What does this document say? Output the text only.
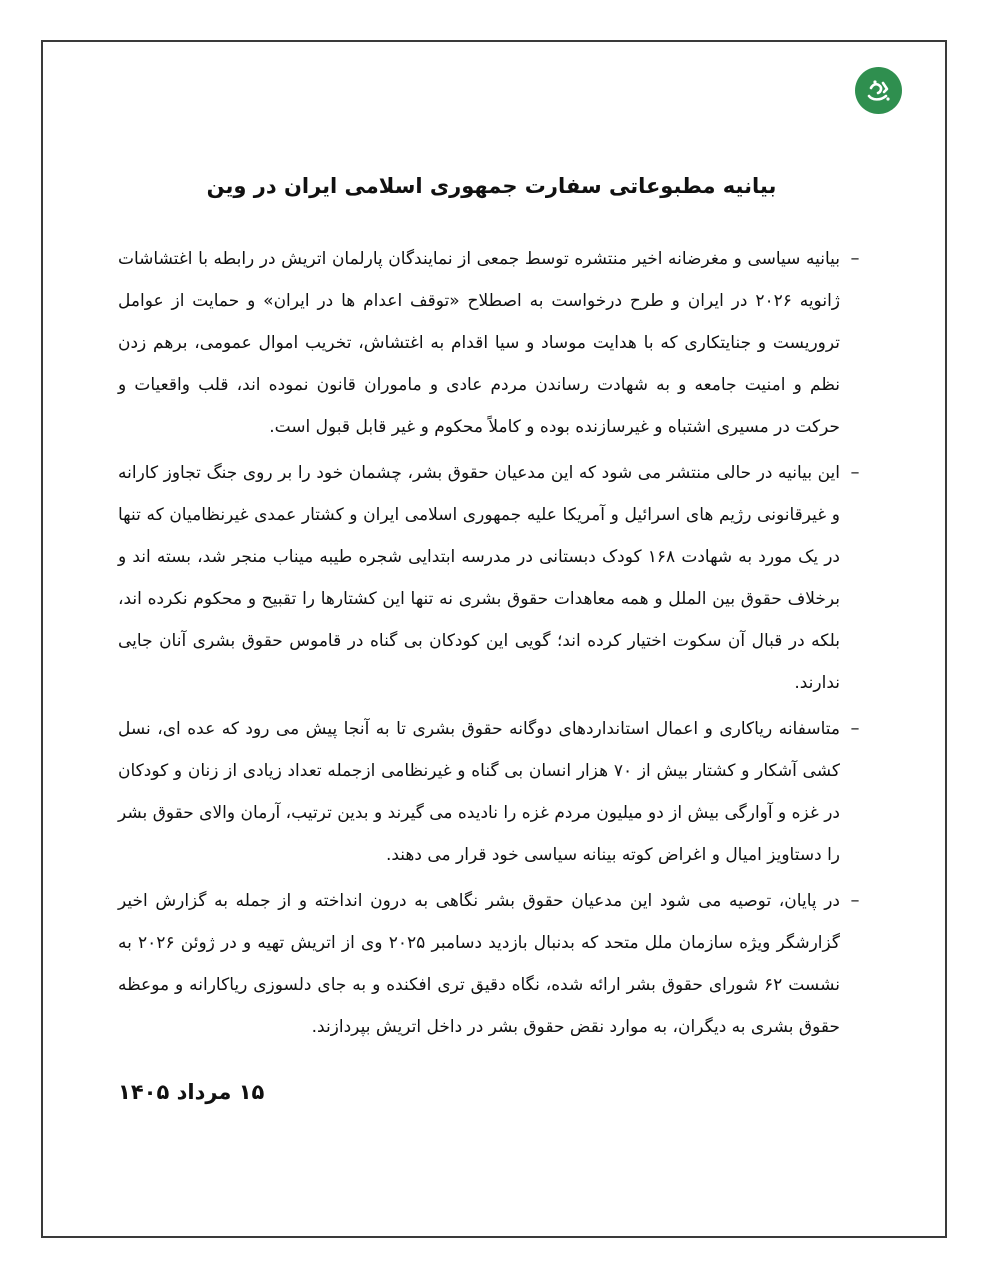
بیانیه مطبوعاتی سفارت جمهوری اسلامی ایران در وین
–

بیانیه سیاسی و مغرضانه اخیر منتشره توسط جمعی از نمایندگان پارلمان اتریش در رابطه با اغتشاشات ژانویه ۲۰۲۶ در ایران و طرح درخواست به اصطلاح «توقف اعدام ها در ایران» و حمایت از عوامل تروریست و جنایتکاری که با هدایت موساد و سیا اقدام به اغتشاش، تخریب اموال عمومی، برهم زدن نظم و امنیت جامعه و به شهادت رساندن مردم عادی و ماموران قانون نموده اند، قلب واقعیات و حرکت در مسیری اشتباه و غیرسازنده بوده و کاملاً محکوم و غیر قابل قبول است.

–

این بیانیه در حالی منتشر می شود که این مدعیان حقوق بشر، چشمان خود را بر روی جنگ تجاوز کارانه و غیرقانونی رژیم های اسرائیل و آمریکا علیه جمهوری اسلامی ایران و کشتار عمدی غیرنظامیان که تنها در یک مورد به شهادت ۱۶۸ کودک دبستانی در مدرسه ابتدایی شجره طیبه میناب منجر شد، بسته اند و برخلاف حقوق بین الملل و همه معاهدات حقوق بشری نه تنها این کشتارها را تقبیح و محکوم نکرده اند، بلکه در قبال آن سکوت اختیار کرده اند؛ گویی این کودکان بی گناه در قاموس حقوق بشری آنان جایی ندارند.

–

متاسفانه ریاکاری و اعمال استانداردهای دوگانه حقوق بشری تا به آنجا پیش می رود که عده ای، نسل کشی آشکار و کشتار بیش از ۷۰ هزار انسان بی گناه و غیرنظامی ازجمله تعداد زیادی از زنان و کودکان در غزه و آوارگی بیش از دو میلیون مردم غزه را نادیده می گیرند و بدین ترتیب، آرمان والای حقوق بشر را دستاویز امیال و اغراض کوته بینانه سیاسی خود قرار می دهند.

–

در پایان، توصیه می شود این مدعیان حقوق بشر نگاهی به درون انداخته و از جمله به گزارش اخیر گزارشگر ویژه سازمان ملل متحد که بدنبال بازدید دسامبر ۲۰۲۵ وی از اتریش تهیه و در ژوئن ۲۰۲۶ به نشست ۶۲ شورای حقوق بشر ارائه شده، نگاه دقیق تری افکنده و به جای دلسوزی ریاکارانه و موعظه حقوق بشری به دیگران، به موارد نقض حقوق بشر در داخل اتریش بپردازند.

۱۵ مرداد ۱۴۰۵
